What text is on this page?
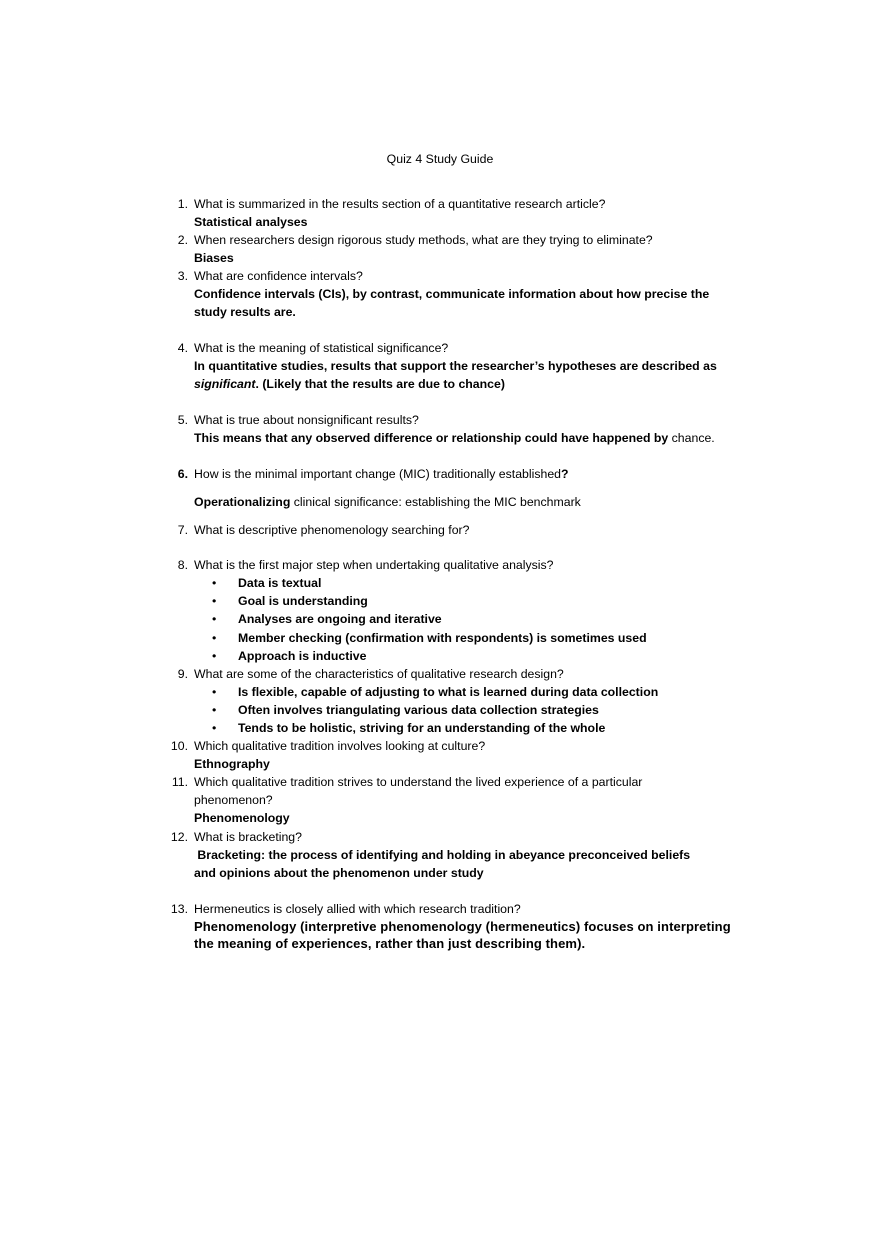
Quiz 4 Study Guide
1. What is summarized in the results section of a quantitative research article?
Statistical analyses
2. When researchers design rigorous study methods, what are they trying to eliminate?
Biases
3. What are confidence intervals?
Confidence intervals (CIs), by contrast, communicate information about how precise the study results are.
4. What is the meaning of statistical significance?
In quantitative studies, results that support the researcher’s hypotheses are described as significant. (Likely that the results are due to chance)
5. What is true about nonsignificant results?
This means that any observed difference or relationship could have happened by chance.
6. How is the minimal important change (MIC) traditionally established?
Operationalizing clinical significance: establishing the MIC benchmark
7. What is descriptive phenomenology searching for?
8. What is the first major step when undertaking qualitative analysis?
• Data is textual
• Goal is understanding
• Analyses are ongoing and iterative
• Member checking (confirmation with respondents) is sometimes used
• Approach is inductive
9. What are some of the characteristics of qualitative research design?
• Is flexible, capable of adjusting to what is learned during data collection
• Often involves triangulating various data collection strategies
• Tends to be holistic, striving for an understanding of the whole
10. Which qualitative tradition involves looking at culture?
Ethnography
11. Which qualitative tradition strives to understand the lived experience of a particular phenomenon?
Phenomenology
12. What is bracketing?
Bracketing: the process of identifying and holding in abeyance preconceived beliefs and opinions about the phenomenon under study
13. Hermeneutics is closely allied with which research tradition?
Phenomenology (interpretive phenomenology (hermeneutics) focuses on interpreting the meaning of experiences, rather than just describing them).
